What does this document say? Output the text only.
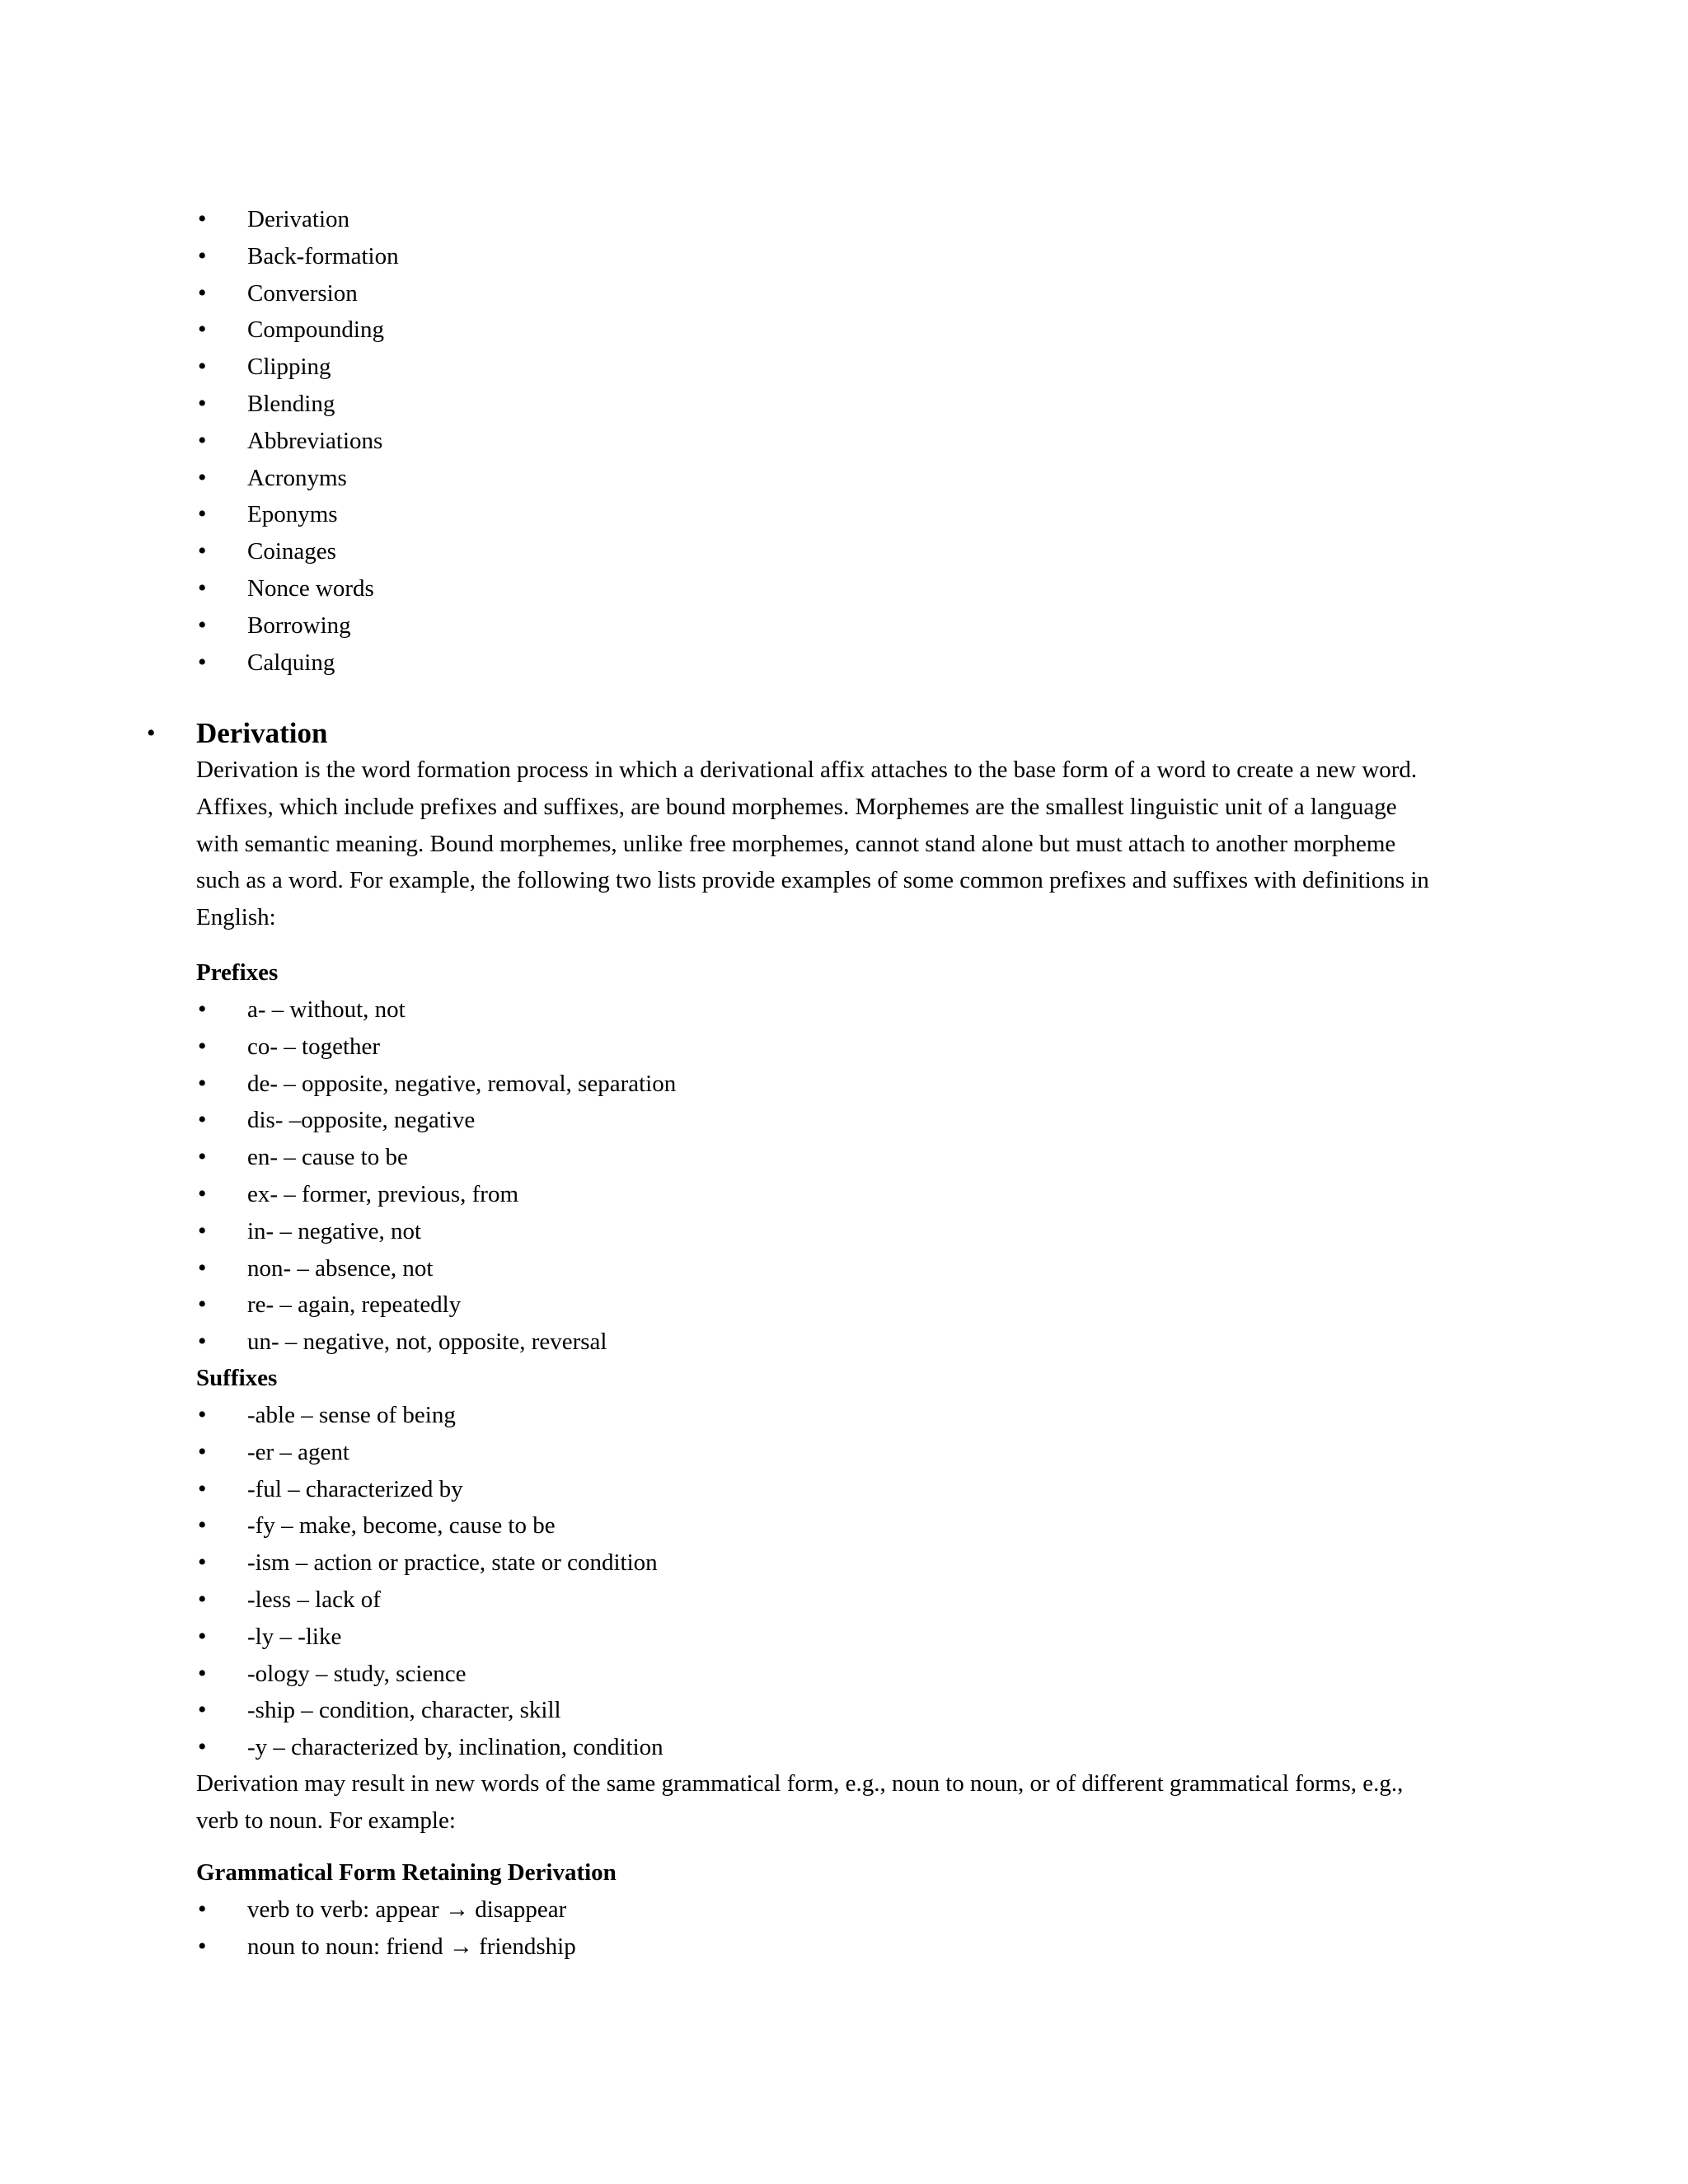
• Derivation
• Back-formation
• Conversion
• Compounding
• Clipping
• Blending
• Abbreviations
• Acronyms
• Eponyms
• Coinages
• Nonce words
• Borrowing
• Calquing
• Derivation

Derivation is the word formation process in which a derivational affix attaches to the base form of a word to create a new word.

Affixes, which include prefixes and suffixes, are bound morphemes. Morphemes are the smallest linguistic unit of a language

with semantic meaning. Bound morphemes, unlike free morphemes, cannot stand alone but must attach to another morpheme

such as a word. For example, the following two lists provide examples of some common prefixes and suffixes with definitions in

English:

Prefixes
• a- – without, not
• co- – together
• de- – opposite, negative, removal, separation
• dis- –opposite, negative
• en- – cause to be
• ex- – former, previous, from
• in- – negative, not
• non- – absence, not
• re- – again, repeatedly
• un- – negative, not, opposite, reversal
Suffixes
• -able – sense of being
• -er – agent
• -ful – characterized by
• -fy – make, become, cause to be
• -ism – action or practice, state or condition
• -less – lack of
• -ly – -like
• -ology – study, science
• -ship – condition, character, skill
• -y – characterized by, inclination, condition

Derivation may result in new words of the same grammatical form, e.g., noun to noun, or of different grammatical forms, e.g.,

verb to noun. For example:

Grammatical Form Retaining Derivation
• verb to verb: appear → disappear
• noun to noun: friend → friendship
